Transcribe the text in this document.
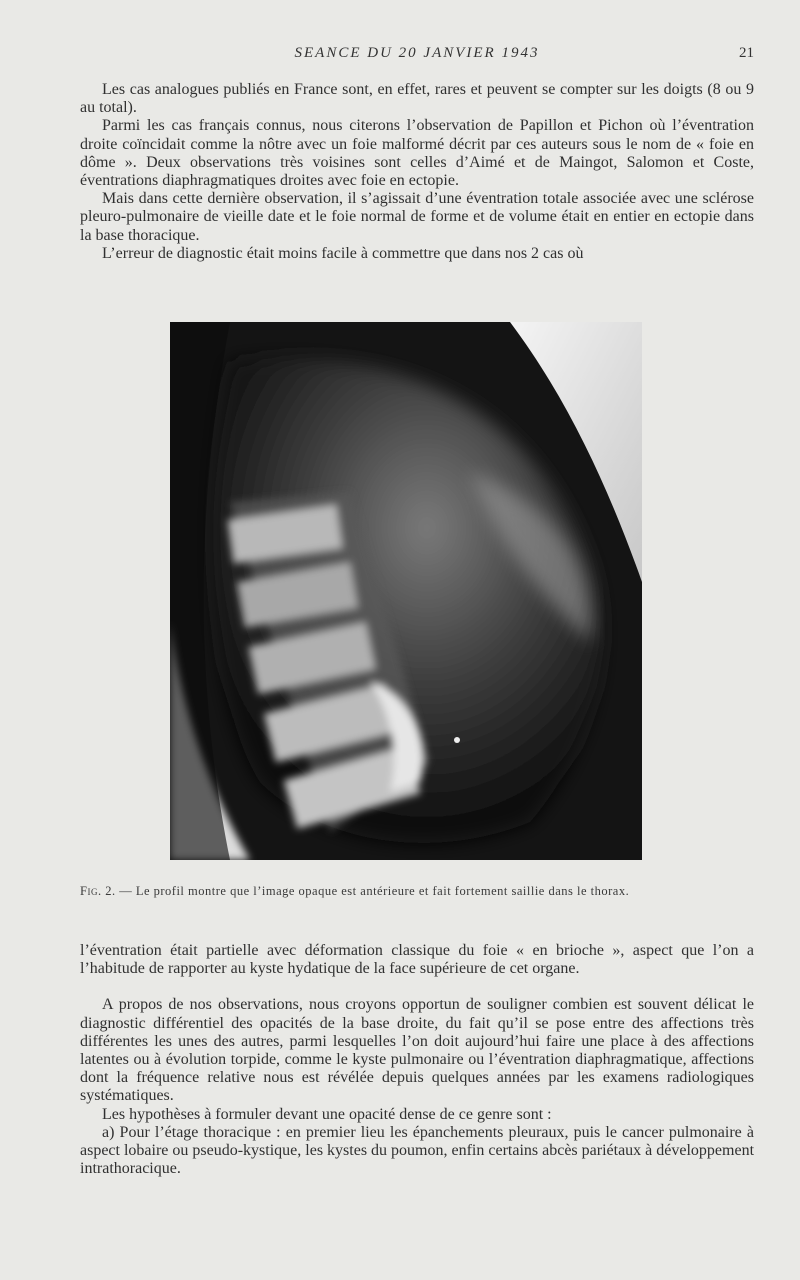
SEANCE DU 20 JANVIER 1943	21

Les cas analogues publiés en France sont, en effet, rares et peuvent se compter sur les doigts (8 ou 9 au total).

Parmi les cas français connus, nous citerons l’observation de Papillon et Pichon où l’éventration droite coïncidait comme la nôtre avec un foie malformé décrit par ces auteurs sous le nom de « foie en dôme ». Deux observations très voisines sont celles d’Aimé et de Maingot, Salomon et Coste, éventrations diaphragmatiques droites avec foie en ectopie.

Mais dans cette dernière observation, il s’agissait d’une éventration totale associée avec une sclérose pleuro-pulmonaire de vieille date et le foie normal de forme et de volume était en entier en ectopie dans la base thoracique.

L’erreur de diagnostic était moins facile à commettre que dans nos 2 cas où

Fig. 2. — Le profil montre que l’image opaque est antérieure et fait fortement saillie dans le thorax.

l’éventration était partielle avec déformation classique du foie « en brioche », aspect que l’on a l’habitude de rapporter au kyste hydatique de la face supérieure de cet organe.

A propos de nos observations, nous croyons opportun de souligner combien est souvent délicat le diagnostic différentiel des opacités de la base droite, du fait qu’il se pose entre des affections très différentes les unes des autres, parmi lesquelles l’on doit aujourd’hui faire une place à des affections latentes ou à évolution torpide, comme le kyste pulmonaire ou l’éventration diaphragmatique, affections dont la fréquence relative nous est révélée depuis quelques années par les examens radiologiques systématiques.

Les hypothèses à formuler devant une opacité dense de ce genre sont :

a) Pour l’étage thoracique : en premier lieu les épanchements pleuraux, puis le cancer pulmonaire à aspect lobaire ou pseudo-kystique, les kystes du poumon, enfin certains abcès pariétaux à développement intrathoracique.
